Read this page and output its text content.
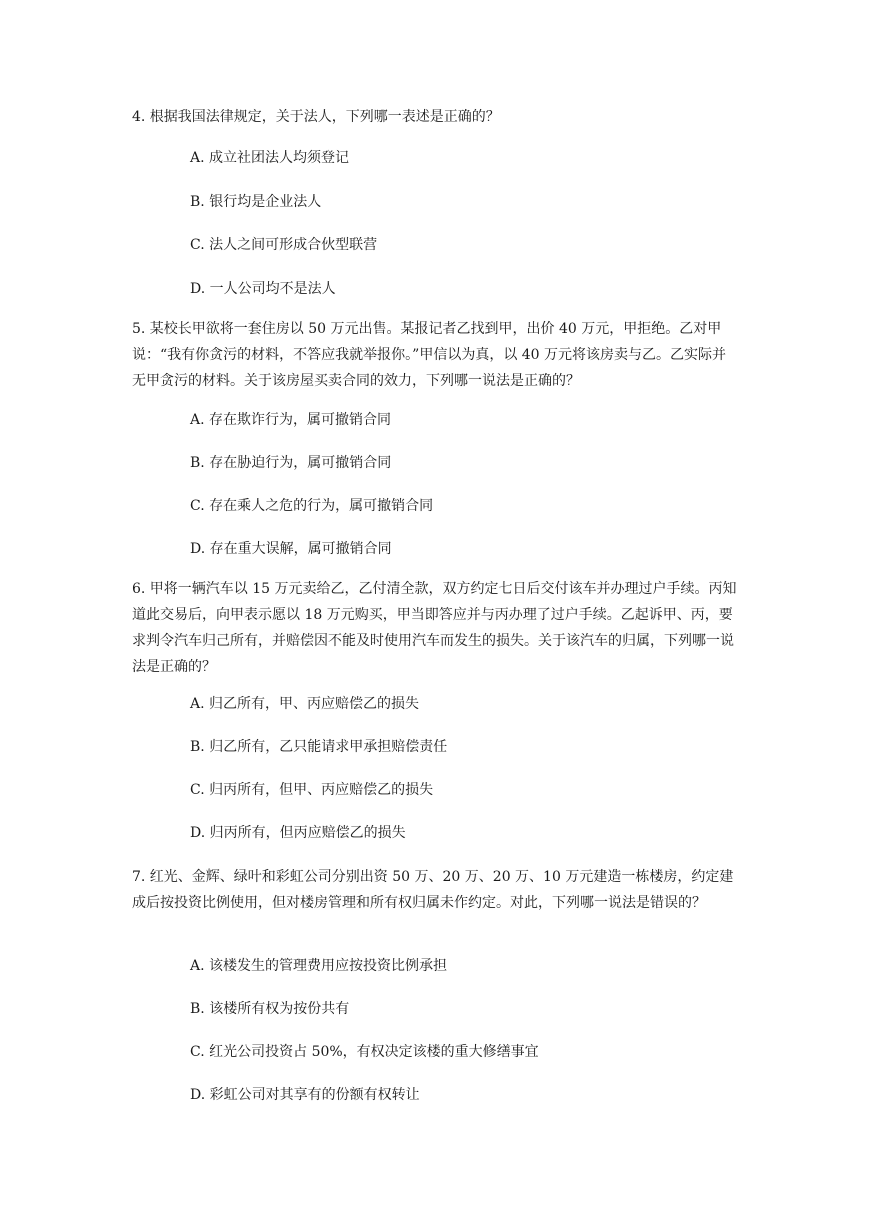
4. 根据我国法律规定，关于法人，下列哪一表述是正确的？
A. 成立社团法人均须登记
B. 银行均是企业法人
C. 法人之间可形成合伙型联营
D. 一人公司均不是法人
5. 某校长甲欲将一套住房以 50 万元出售。某报记者乙找到甲，出价 40 万元，甲拒绝。乙对甲说：“我有你贪污的材料，不答应我就举报你。”甲信以为真，以 40 万元将该房卖与乙。乙实际并无甲贪污的材料。关于该房屋买卖合同的效力，下列哪一说法是正确的？
A. 存在欺诈行为，属可撤销合同
B. 存在胁迫行为，属可撤销合同
C. 存在乘人之危的行为，属可撤销合同
D. 存在重大误解，属可撤销合同
6. 甲将一辆汽车以 15 万元卖给乙，乙付清全款，双方约定七日后交付该车并办理过户手续。丙知道此交易后，向甲表示愿以 18 万元购买，甲当即答应并与丙办理了过户手续。乙起诉甲、丙，要求判令汽车归己所有，并赔偿因不能及时使用汽车而发生的损失。关于该汽车的归属，下列哪一说法是正确的？
A. 归乙所有，甲、丙应赔偿乙的损失
B. 归乙所有，乙只能请求甲承担赔偿责任
C. 归丙所有，但甲、丙应赔偿乙的损失
D. 归丙所有，但丙应赔偿乙的损失
7. 红光、金辉、绿叶和彩虹公司分别出资 50 万、20 万、20 万、10 万元建造一栋楼房，约定建成后按投资比例使用，但对楼房管理和所有权归属未作约定。对此，下列哪一说法是错误的？
A. 该楼发生的管理费用应按投资比例承担
B. 该楼所有权为按份共有
C. 红光公司投资占 50%，有权决定该楼的重大修缮事宜
D. 彩虹公司对其享有的份额有权转让
